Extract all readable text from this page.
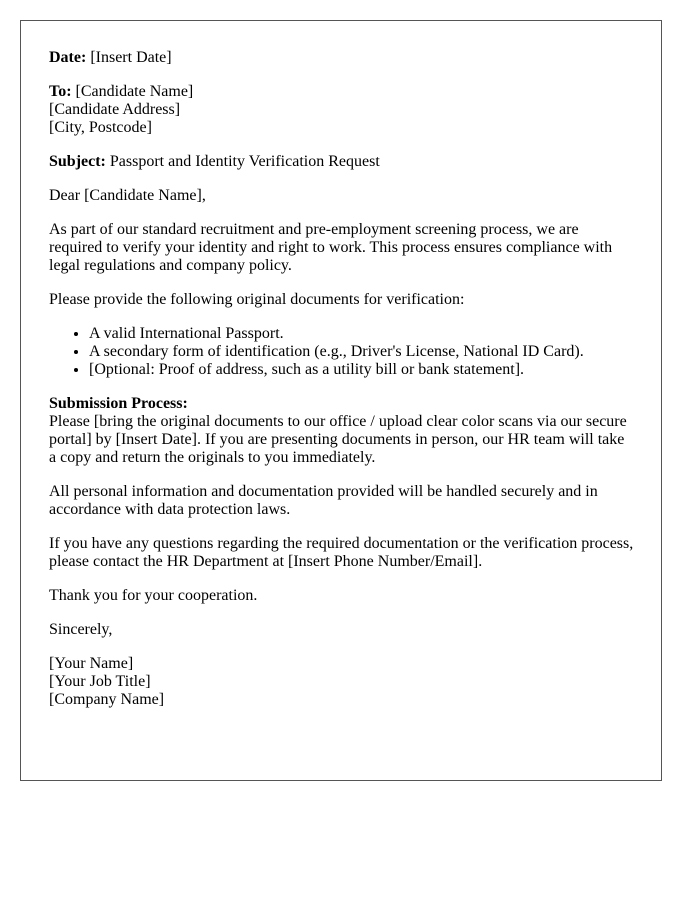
Date: [Insert Date]

To: [Candidate Name]
[Candidate Address]
[City, Postcode]

Subject: Passport and Identity Verification Request

Dear [Candidate Name],

As part of our standard recruitment and pre-employment screening process, we are required to verify your identity and right to work. This process ensures compliance with legal regulations and company policy.

Please provide the following original documents for verification:

• A valid International Passport.
• A secondary form of identification (e.g., Driver's License, National ID Card).
• [Optional: Proof of address, such as a utility bill or bank statement].

Submission Process:
Please [bring the original documents to our office / upload clear color scans via our secure portal] by [Insert Date]. If you are presenting documents in person, our HR team will take a copy and return the originals to you immediately.

All personal information and documentation provided will be handled securely and in accordance with data protection laws.

If you have any questions regarding the required documentation or the verification process, please contact the HR Department at [Insert Phone Number/Email].

Thank you for your cooperation.

Sincerely,

[Your Name]
[Your Job Title]
[Company Name]
